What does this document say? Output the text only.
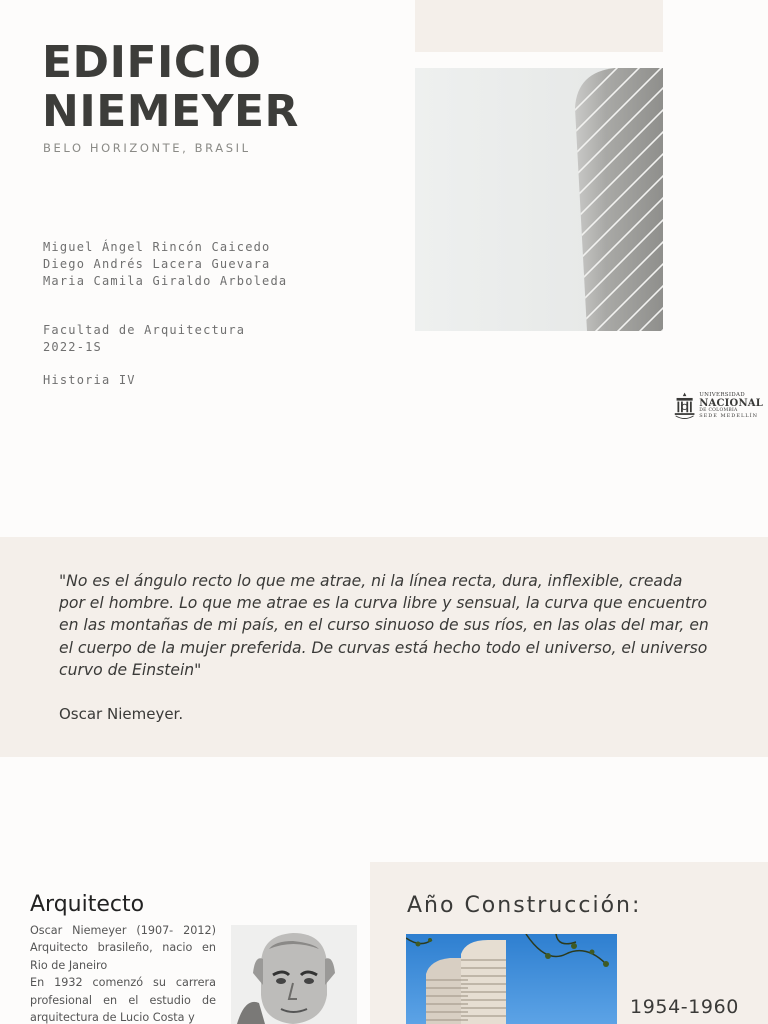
EDIFICIO
NIEMEYER
BELO HORIZONTE, BRASIL
Miguel Ángel Rincón Caicedo
Diego Andrés Lacera Guevara
Maria Camila Giraldo Arboleda
Facultad de Arquitectura
2022-1S
Historia IV
UNIVERSIDAD
NACIONAL
DE COLOMBIA
SEDE MEDELLÍN
"No es el ángulo recto lo que me atrae, ni la línea recta, dura, inflexible, creada por el hombre. Lo que me atrae es la curva libre y sensual, la curva que encuentro en las montañas de mi país, en el curso sinuoso de sus ríos, en las olas del mar, en el cuerpo de la mujer preferida. De curvas está hecho todo el universo, el universo curvo de Einstein"
Oscar Niemeyer.
Arquitecto

Oscar Niemeyer (1907- 2012) Arquitecto brasileño, nacio en Rio de Janeiro

En 1932 comenzó su carrera profesional en el estudio de arquitectura de Lucio Costa y

Año Construcción:
1954-1960
